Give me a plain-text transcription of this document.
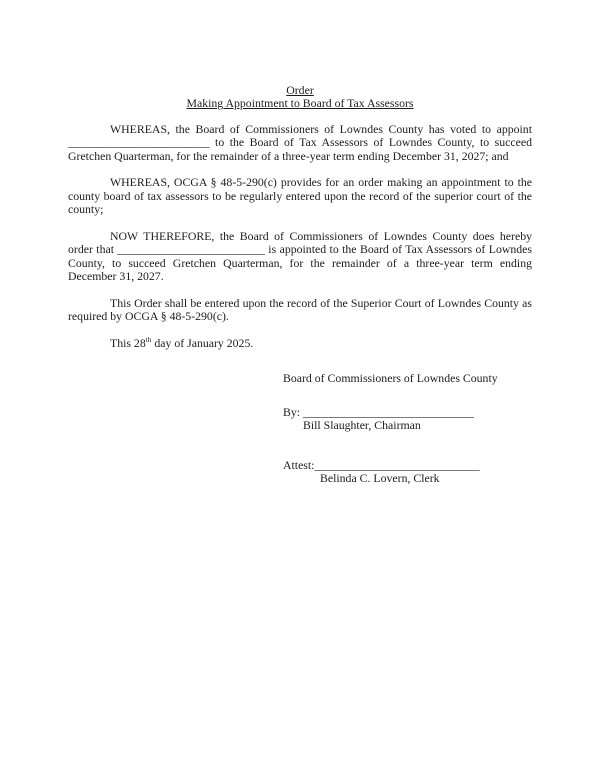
Order
Making Appointment to Board of Tax Assessors

WHEREAS, the Board of Commissioners of Lowndes County has voted to appoint ________________________ to the Board of Tax Assessors of Lowndes County, to succeed Gretchen Quarterman, for the remainder of a three-year term ending December 31, 2027; and

WHEREAS, OCGA § 48-5-290(c) provides for an order making an appointment to the county board of tax assessors to be regularly entered upon the record of the superior court of the county;

NOW THEREFORE, the Board of Commissioners of Lowndes County does hereby order that _________________________ is appointed to the Board of Tax Assessors of Lowndes County, to succeed Gretchen Quarterman, for the remainder of a three-year term ending December 31, 2027.

This Order shall be entered upon the record of the Superior Court of Lowndes County as required by OCGA § 48-5-290(c).

This 28th day of January 2025.

Board of Commissioners of Lowndes County
By: _____________________________
Bill Slaughter, Chairman
Attest:____________________________
Belinda C. Lovern, Clerk
